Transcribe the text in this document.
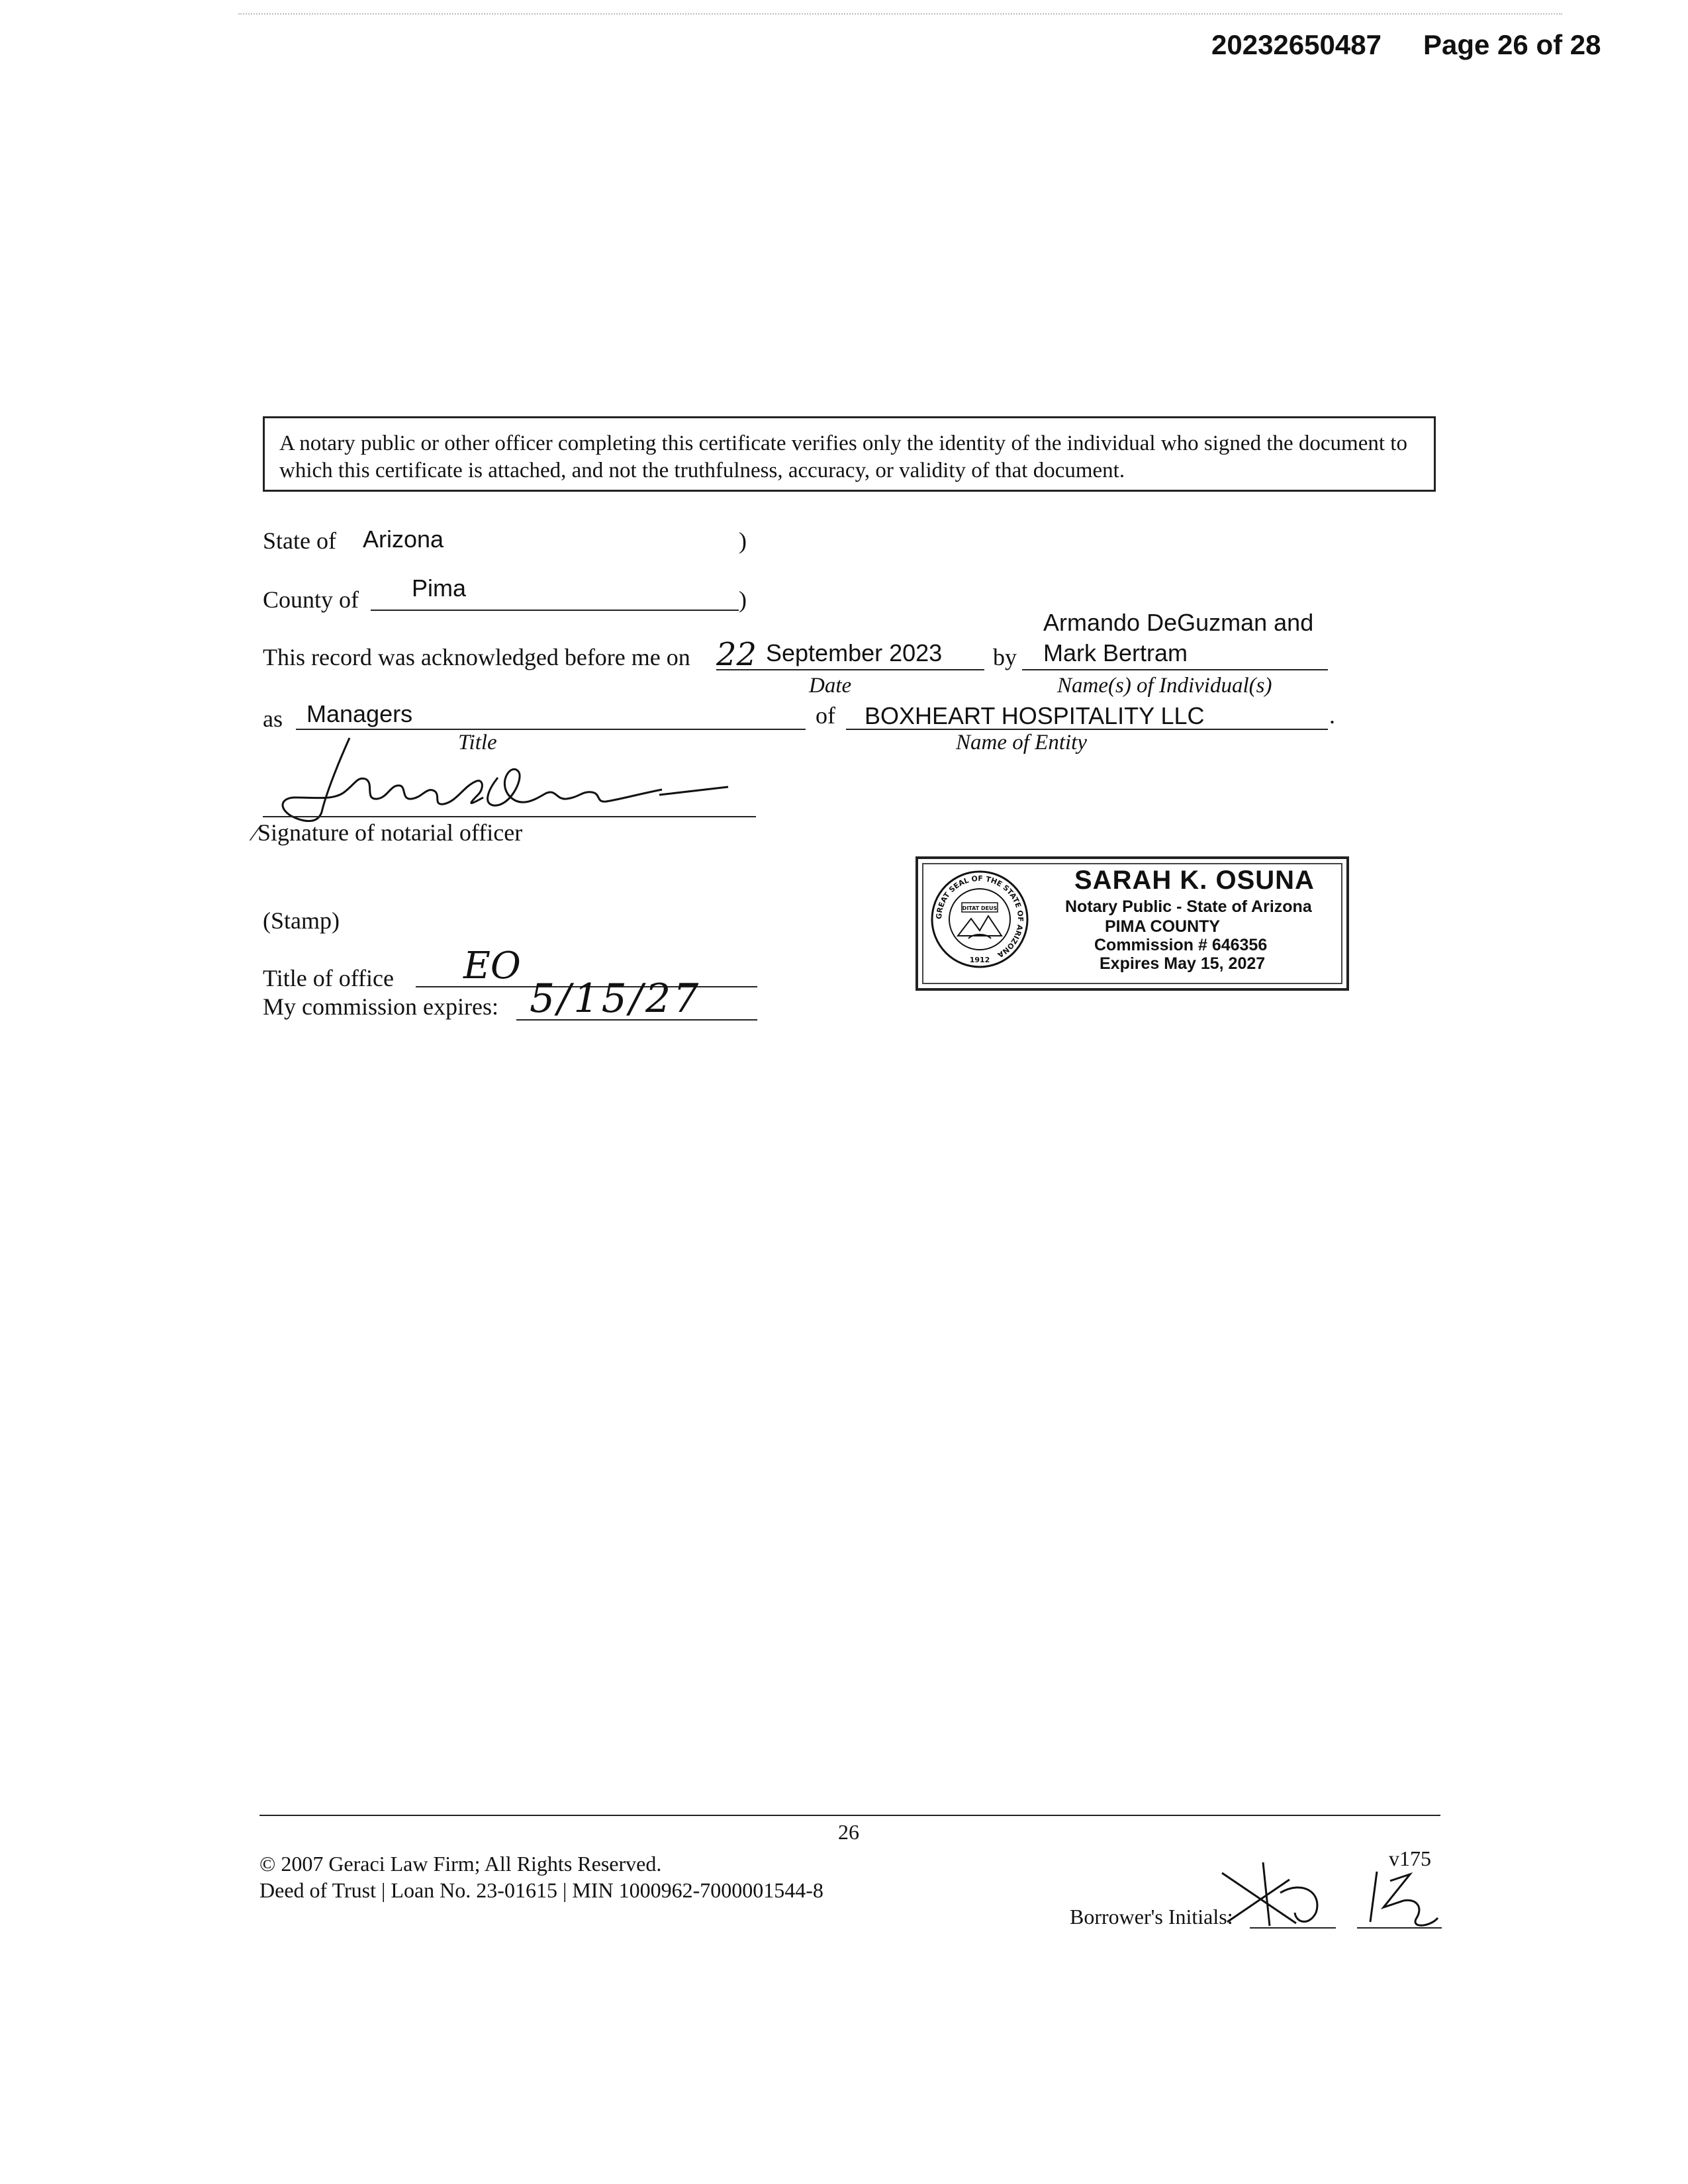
20232650487 Page 26 of 28
A notary public or other officer completing this certificate verifies only the identity of the individual who signed the document to which this certificate is attached, and not the truthfulness, accuracy, or validity of that document.
State of Arizona	)
County of Pima	)
Armando DeGuzman and
This record was acknowledged before me on 22 September 2023 by Mark Bertram
Date	Name(s) of Individual(s)
as Managers	of BOXHEART HOSPITALITY LLC	.
Title	Name of Entity
⁄Signature of notarial officer
(Stamp)
Title of office EO
My commission expires: 5/15/27
GREAT SEAL OF THE STATE OF ARIZONA
DITAT DEUS
1912
SARAH K. OSUNA
Notary Public - State of Arizona
PIMA COUNTY
Commission # 646356
Expires May 15, 2027
26
© 2007 Geraci Law Firm; All Rights Reserved.
Deed of Trust | Loan No. 23-01615 | MIN 1000962-7000001544-8
v175
Borrower's Initials:
